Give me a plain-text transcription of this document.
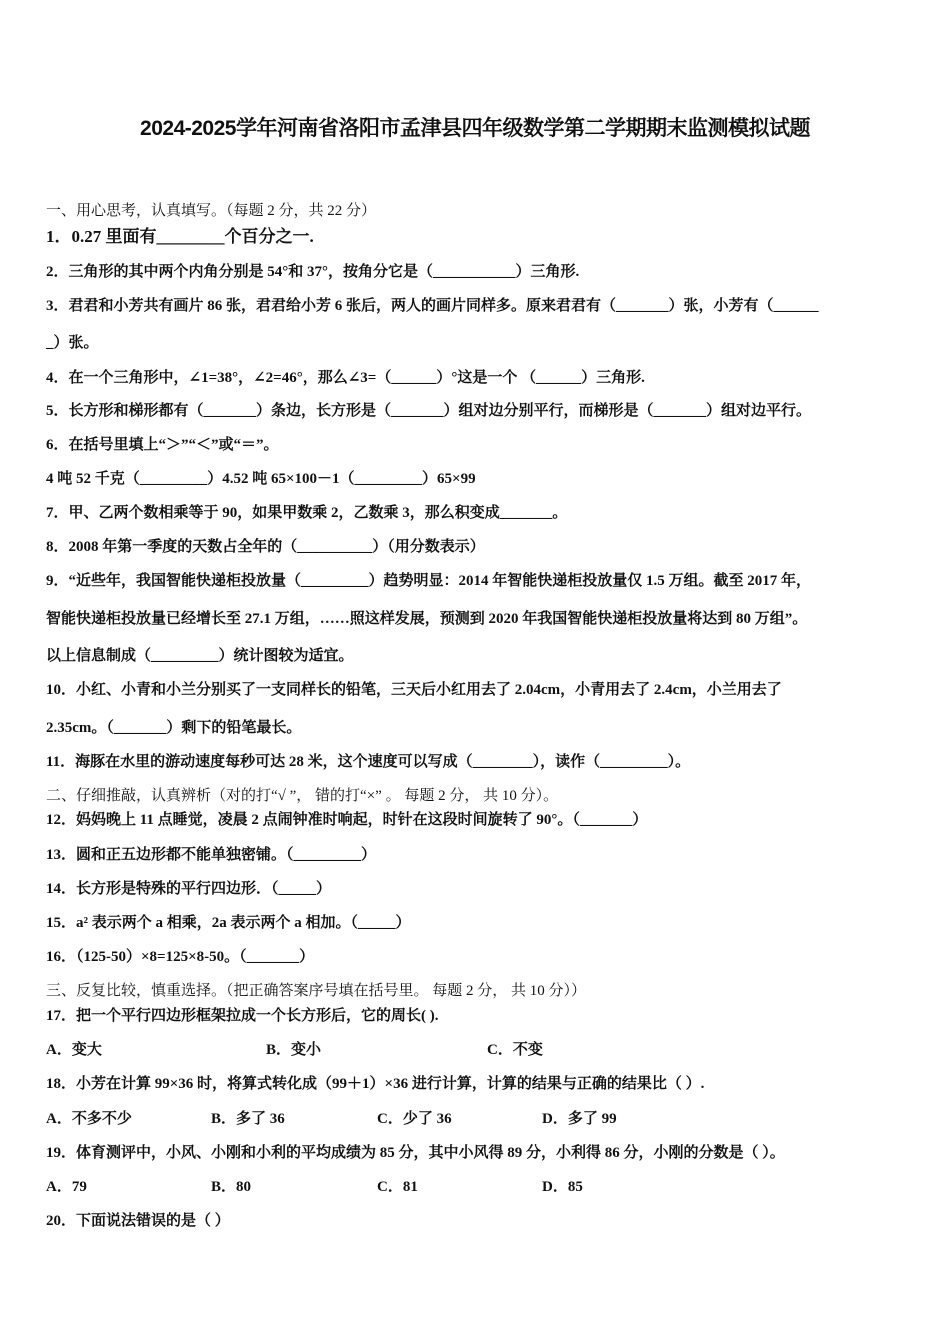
2024-2025学年河南省洛阳市孟津县四年级数学第二学期期末监测模拟试题
一、用心思考，认真填写。（每题 2 分，共 22 分）
1．0.27 里面有________个百分之一.
2．三角形的其中两个内角分别是 54°和 37°，按角分它是（___________）三角形.
3．君君和小芳共有画片 86 张，君君给小芳 6 张后，两人的画片同样多。原来君君有（_______）张，小芳有（______
_）张。
4．在一个三角形中，∠1=38°，∠2=46°，那么∠3=（______）°这是一个 （______）三角形.
5．长方形和梯形都有（_______）条边，长方形是（_______）组对边分别平行，而梯形是（_______）组对边平行。
6．在括号里填上“＞”“＜”或“＝”。
4 吨 52 千克（_________）4.52 吨 65×100－1（_________）65×99
7．甲、乙两个数相乘等于 90，如果甲数乘 2，乙数乘 3，那么积变成_______。
8．2008 年第一季度的天数占全年的（__________）（用分数表示）
9．“近些年，我国智能快递柜投放量（_________）趋势明显：2014 年智能快递柜投放量仅 1.5 万组。截至 2017 年，
智能快递柜投放量已经增长至 27.1 万组，……照这样发展，预测到 2020 年我国智能快递柜投放量将达到 80 万组”。
以上信息制成（_________）统计图较为适宜。
10．小红、小青和小兰分别买了一支同样长的铅笔，三天后小红用去了 2.04cm，小青用去了 2.4cm，小兰用去了
2.35cm。（_______）剩下的铅笔最长。
11．海豚在水里的游动速度每秒可达 28 米，这个速度可以写成（________），读作（_________）。
二、仔细推敲，认真辨析（对的打“√ ”， 错的打“×” 。 每题 2 分， 共 10 分）。
12．妈妈晚上 11 点睡觉，凌晨 2 点闹钟准时响起，时针在这段时间旋转了 90°。（_______）
13．圆和正五边形都不能单独密铺。（_________）
14．长方形是特殊的平行四边形．（_____）
15．a² 表示两个 a 相乘，2a 表示两个 a 相加。（_____）
16．（125-50）×8=125×8-50。（_______）
三、反复比较，慎重选择。（把正确答案序号填在括号里。 每题 2 分， 共 10 分））
17．把一个平行四边形框架拉成一个长方形后，它的周长( ).
18．小芳在计算 99×36 时，将算式转化成（99＋1）×36 进行计算，计算的结果与正确的结果比（ ）.
19．体育测评中，小风、小刚和小利的平均成绩为 85 分，其中小风得 89 分，小利得 86 分，小刚的分数是（ ）。
20．下面说法错误的是（ ）
A．变大	B．变小	C．不变
A．不多不少	B．多了 36	C．少了 36	D．多了 99
A．79	B．80	C．81	D．85
